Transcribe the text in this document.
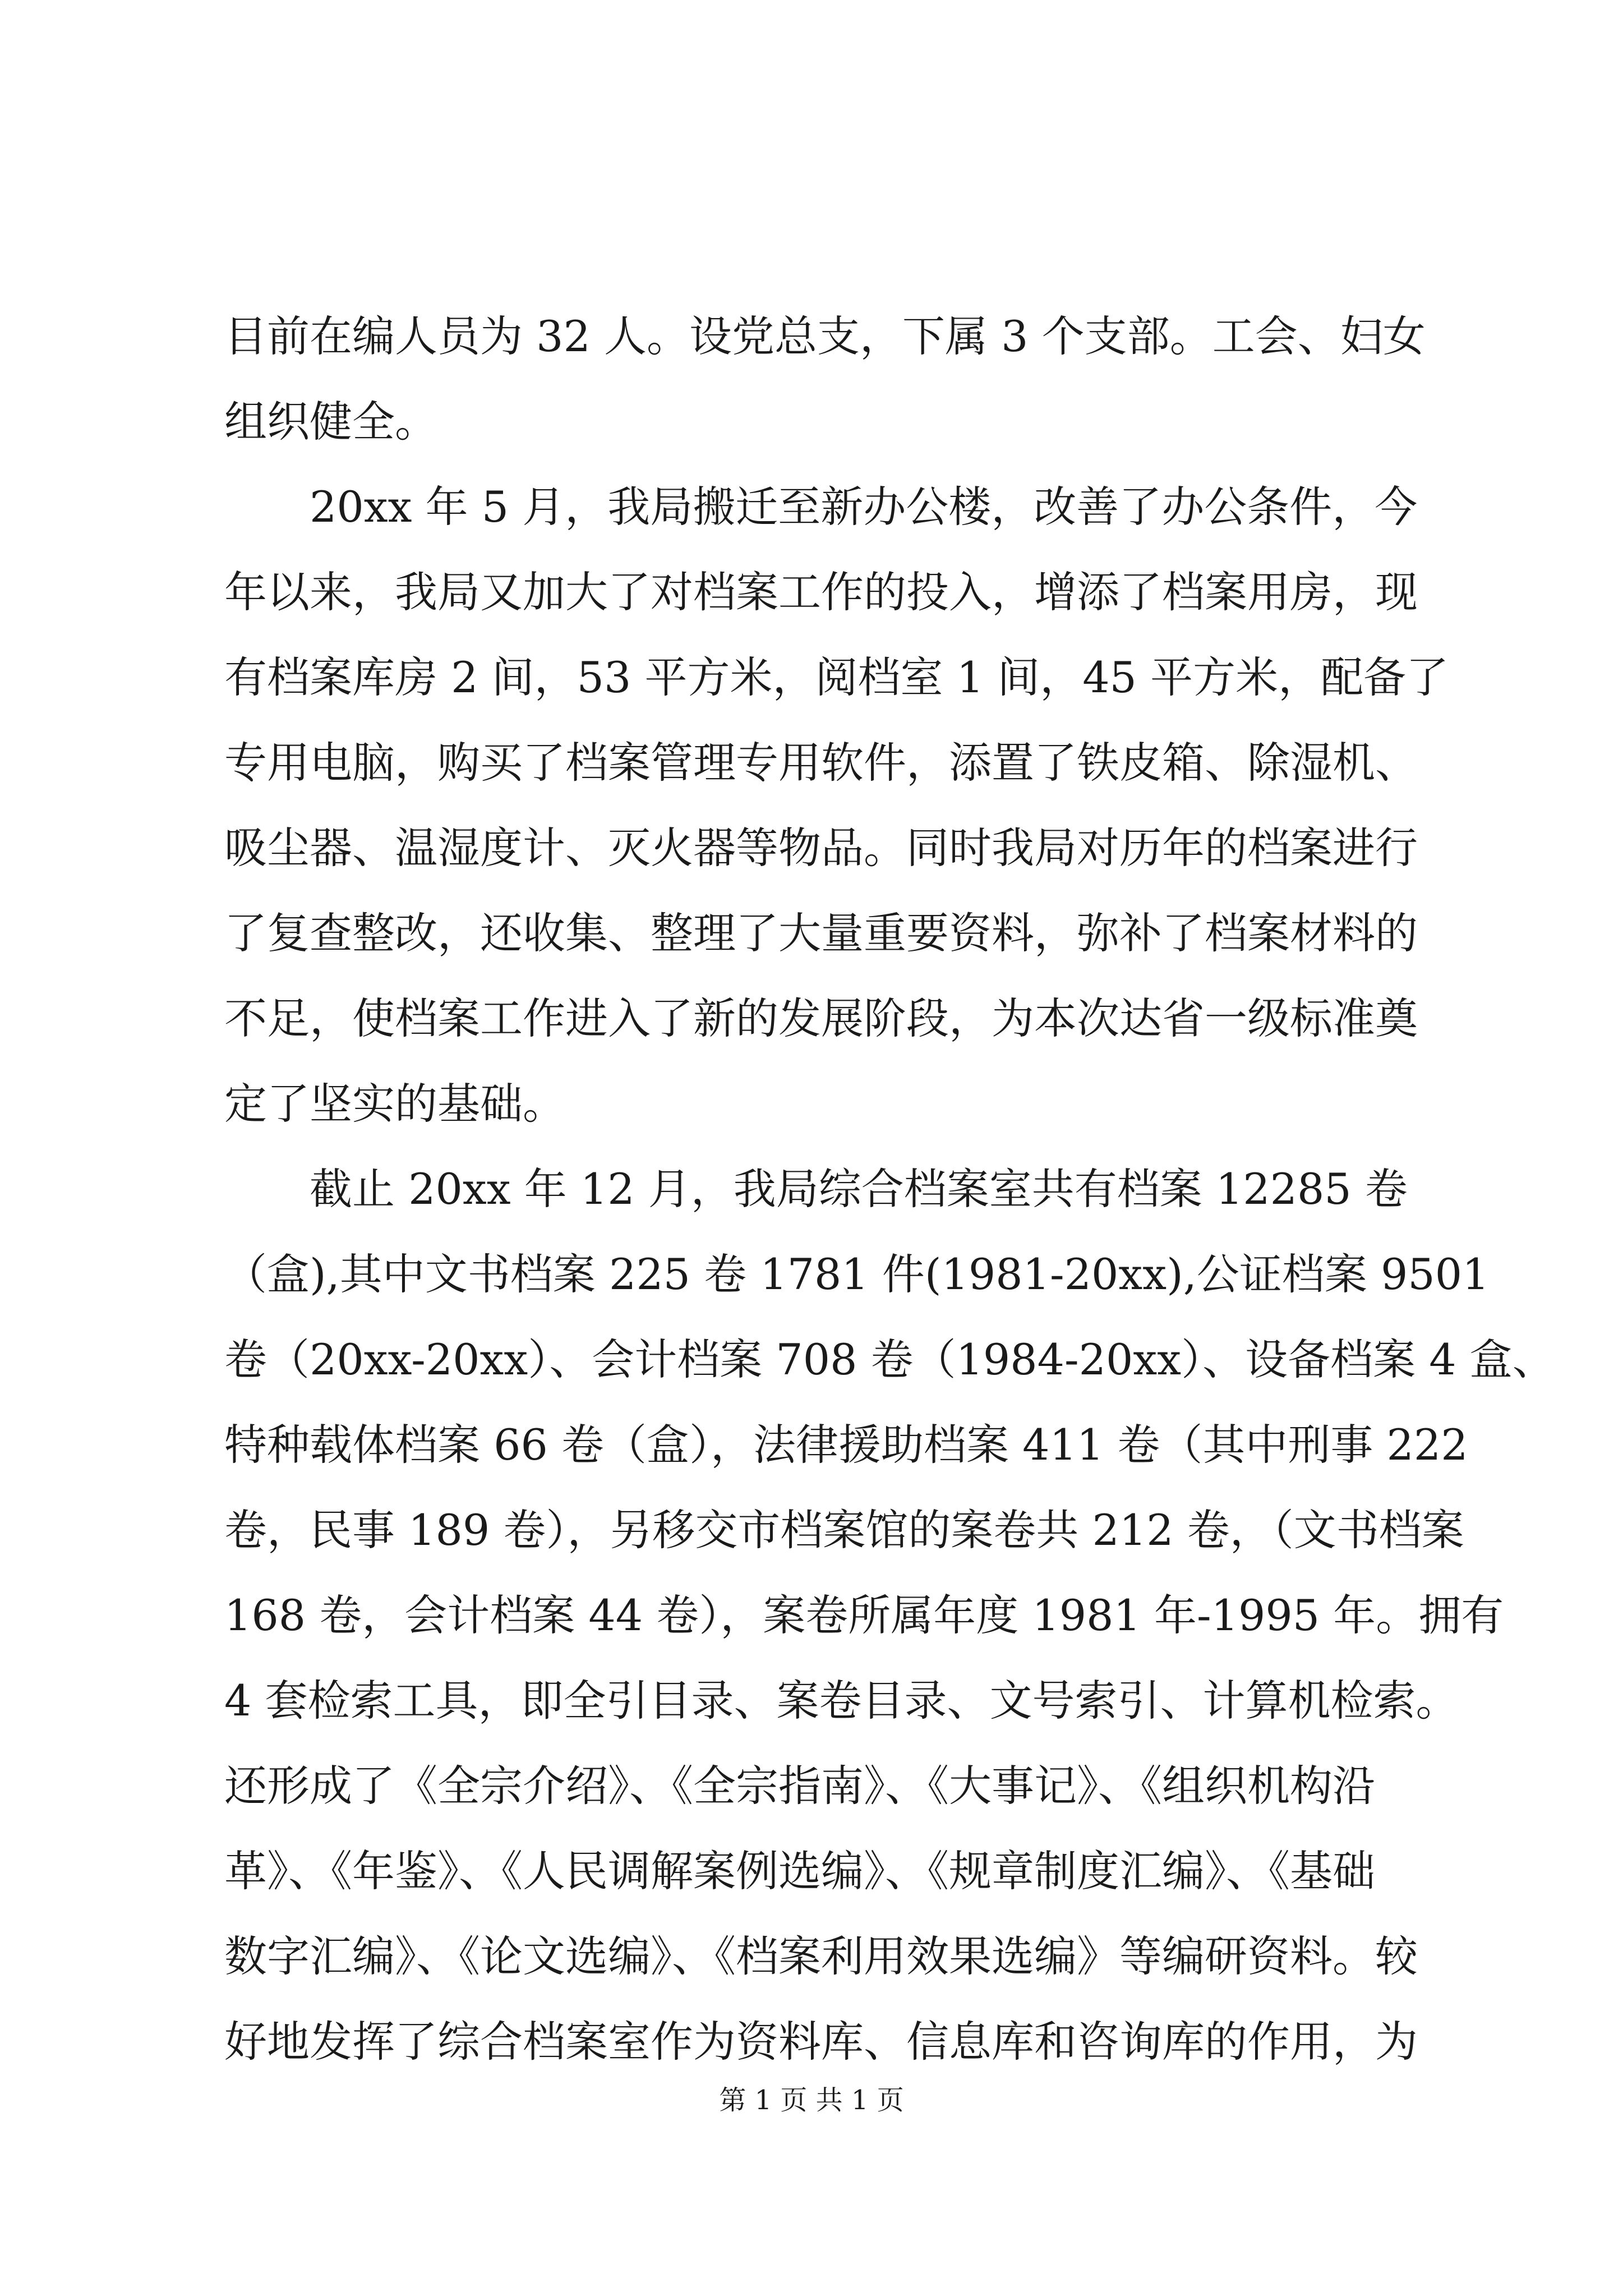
目前在编人员为 32 人。设党总支，下属 3 个支部。工会、妇女
组织健全。
20xx 年 5 月，我局搬迁至新办公楼，改善了办公条件，今
年以来，我局又加大了对档案工作的投入，增添了档案用房，现
有档案库房 2 间，53 平方米，阅档室 1 间，45 平方米，配备了
专用电脑，购买了档案管理专用软件，添置了铁皮箱、除湿机、
吸尘器、温湿度计、灭火器等物品。同时我局对历年的档案进行
了复查整改，还收集、整理了大量重要资料，弥补了档案材料的
不足，使档案工作进入了新的发展阶段，为本次达省一级标准奠
定了坚实的基础。
截止 20xx 年 12 月，我局综合档案室共有档案 12285 卷
（盒),其中文书档案 225 卷 1781 件(1981-20xx),公证档案 9501
卷（20xx-20xx）、会计档案 708 卷（1984-20xx）、设备档案 4 盒、
特种载体档案 66 卷（盒），法律援助档案 411 卷（其中刑事 222
卷，民事 189 卷），另移交市档案馆的案卷共 212 卷，（文书档案
168 卷，会计档案 44 卷），案卷所属年度 1981 年-1995 年。拥有
4 套检索工具，即全引目录、案卷目录、文号索引、计算机检索。
还形成了《全宗介绍》、《全宗指南》、《大事记》、《组织机构沿
革》、《年鉴》、《人民调解案例选编》、《规章制度汇编》、《基础
数字汇编》、《论文选编》、《档案利用效果选编》等编研资料。较
好地发挥了综合档案室作为资料库、信息库和咨询库的作用，为
第 1 页 共 1 页
